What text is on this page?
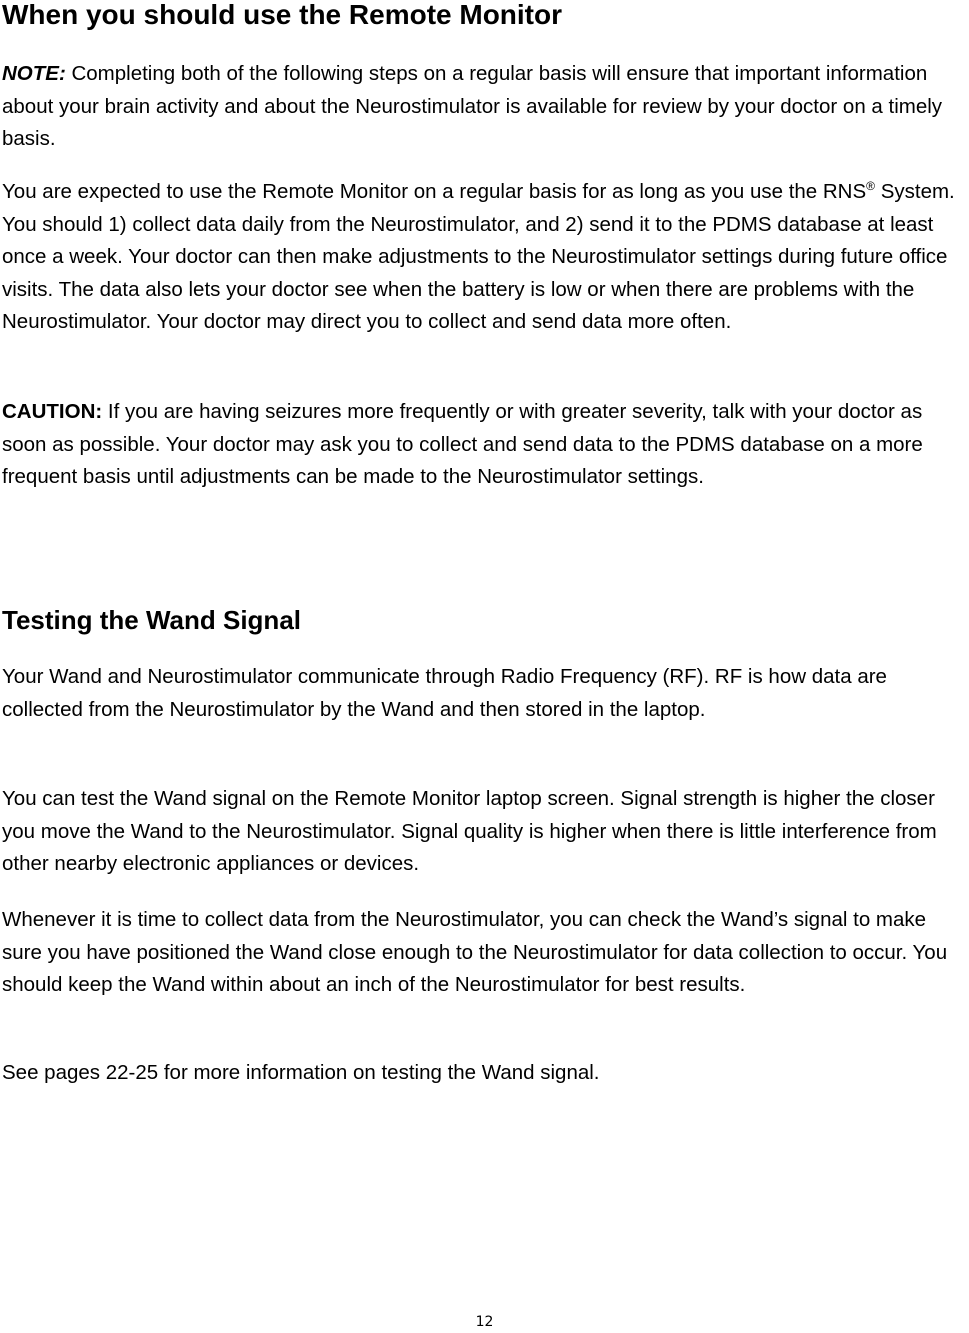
When you should use the Remote Monitor

NOTE: Completing both of the following steps on a regular basis will ensure that important information about your brain activity and about the Neurostimulator is available for review by your doctor on a timely basis.

You are expected to use the Remote Monitor on a regular basis for as long as you use the RNS® System. You should 1) collect data daily from the Neurostimulator, and 2) send it to the PDMS database at least once a week. Your doctor can then make adjustments to the Neurostimulator settings during future office visits. The data also lets your doctor see when the battery is low or when there are problems with the Neurostimulator. Your doctor may direct you to collect and send data more often.

CAUTION: If you are having seizures more frequently or with greater severity, talk with your doctor as soon as possible. Your doctor may ask you to collect and send data to the PDMS database on a more frequent basis until adjustments can be made to the Neurostimulator settings.

Testing the Wand Signal

Your Wand and Neurostimulator communicate through Radio Frequency (RF). RF is how data are collected from the Neurostimulator by the Wand and then stored in the laptop.

You can test the Wand signal on the Remote Monitor laptop screen. Signal strength is higher the closer you move the Wand to the Neurostimulator. Signal quality is higher when there is little interference from other nearby electronic appliances or devices.

Whenever it is time to collect data from the Neurostimulator, you can check the Wand’s signal to make sure you have positioned the Wand close enough to the Neurostimulator for data collection to occur. You should keep the Wand within about an inch of the Neurostimulator for best results.

See pages 22-25 for more information on testing the Wand signal.

12
